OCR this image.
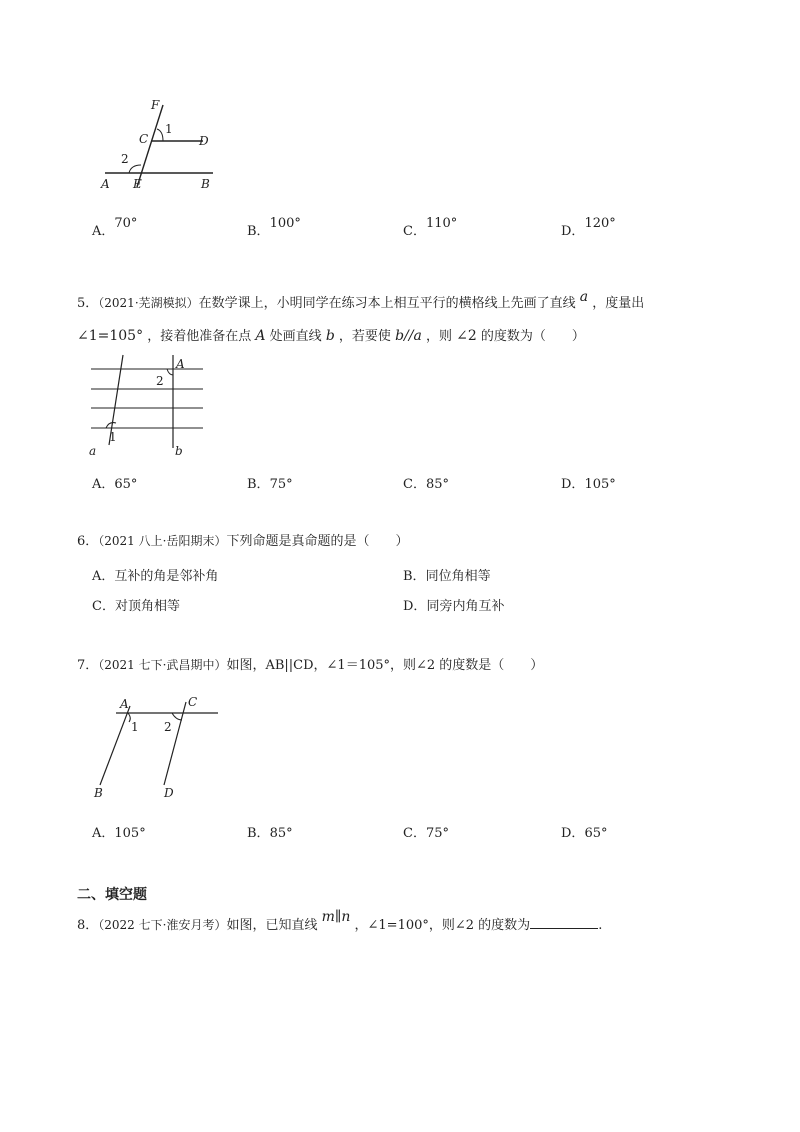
F
1
C	D
2
A E	B
A．70°
B．100°
C．110°
D．120°
5．（2021·芜湖模拟）在数学课上，小明同学在练习本上相互平行的横格线上先画了直线 a ，度量出
∠1=105° ，接着他准备在点 A 处画直线 b ，若要使 b//a ，则 ∠2 的度数为（　　）
A
2
1
a	b
A．65°	B．75°	C．85°	D．105°
6．（2021 八上·岳阳期末）下列命题是真命题的是（　　）
A．互补的角是邻补角	B．同位角相等
C．对顶角相等	D．同旁内角互补
7．（2021 七下·武昌期中）如图，AB||CD，∠1＝105°，则∠2 的度数是（　　）
A	C
1 2
B	D
A．105°	B．85°	C．75°	D．65°
二、填空题
8．（2022 七下·淮安月考）如图，已知直线 m∥n ，∠1=100°，则∠2 的度数为	.
